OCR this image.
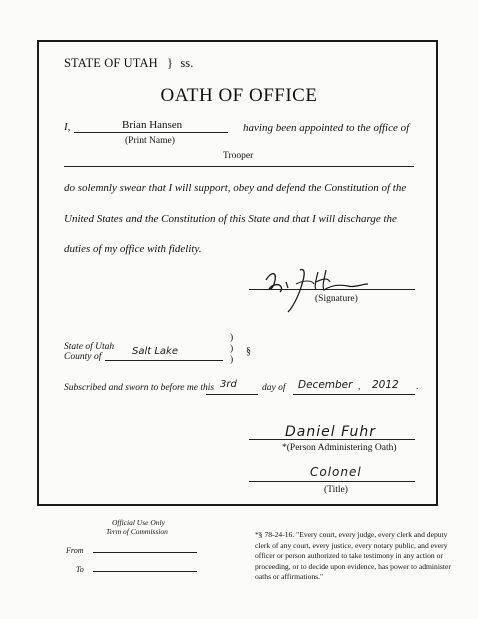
STATE OF UTAH } ss.
OATH OF OFFICE
I,	Brian Hansen
(Print Name)
having been appointed to the office of
Trooper
do solemnly swear that I will support, obey and defend the Constitution of the
United States and the Constitution of this State and that I will discharge the
duties of my office with fidelity.
(Signature)
State of Utah
County of	Salt Lake
)
)
)
§
Subscribed and sworn to before me this 3rd	day of December , 2012 .
Daniel Fuhr
*(Person Administering Oath)
Colonel
(Title)
Official Use Only
Term of Commission
From
To
*§ 78-24-16. "Every court, every judge, every clerk and deputy clerk of any court, every justice, every notary public, and every officer or person authorized to take testimony in any action or proceeding, or to decide upon evidence, has power to administer oaths or affirmations."
